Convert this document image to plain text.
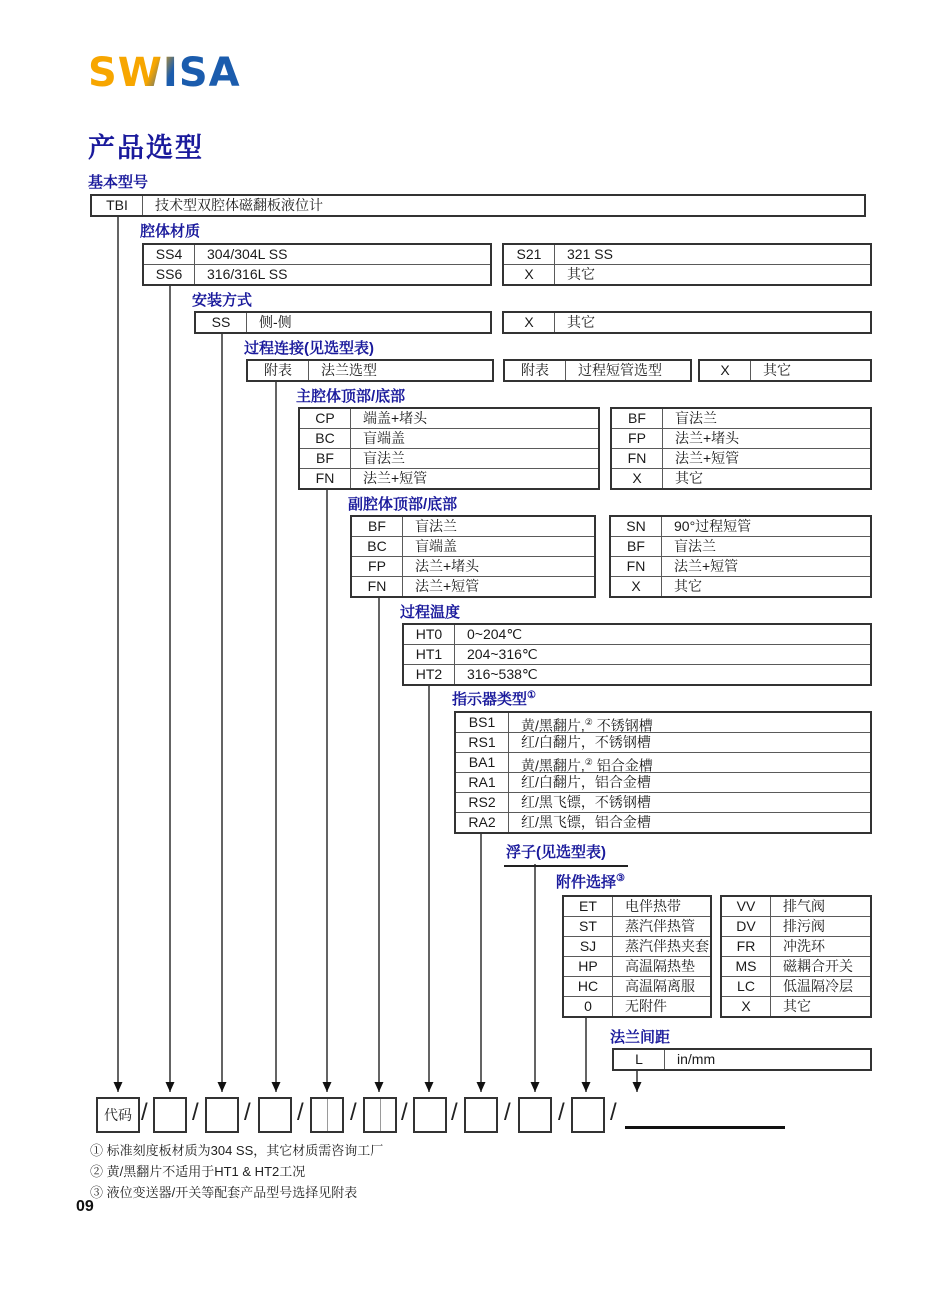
SWISA
产品选型
基本型号
TBI	技术型双腔体磁翻板液位计
腔体材质
SS4	304/304L SS
SS6	316/316L SS
S21	321 SS
X	其它
安装方式
SS	侧-侧	X	其它
过程连接(见选型表)
附表	法兰选型	附表	过程短管选型	X	其它
主腔体顶部/底部
CP	端盖+堵头
BC	盲端盖
BF	盲法兰
FN	法兰+短管
BF	盲法兰
FP	法兰+堵头
FN	法兰+短管
X	其它
副腔体顶部/底部
BF	盲法兰
BC	盲端盖
FP	法兰+堵头
FN	法兰+短管
SN	90°过程短管
BF	盲法兰
FN	法兰+短管
X	其它
过程温度
HT0	0~204℃
HT1	204~316℃
HT2	316~538℃
指示器类型①
BS1	黄/黑翻片,② 不锈钢槽
RS1	红/白翻片，不锈钢槽
BA1	黄/黑翻片,② 铝合金槽
RA1	红/白翻片，铝合金槽
RS2	红/黑飞镖，不锈钢槽
RA2	红/黑飞镖，铝合金槽
浮子(见选型表)
附件选择③
ET	电伴热带
ST	蒸汽伴热管
SJ	蒸汽伴热夹套
HP	高温隔热垫
HC	高温隔离服
0	无附件
VV	排气阀
DV	排污阀
FR	冲洗环
MS	磁耦合开关
LC	低温隔冷层
X	其它
法兰间距
L	in/mm
代码 / / / / / / / / / /
① 标准刻度板材质为304 SS，其它材质需咨询工厂
② 黄/黑翻片不适用于HT1 & HT2工况
③ 液位变送器/开关等配套产品型号选择见附表
09
